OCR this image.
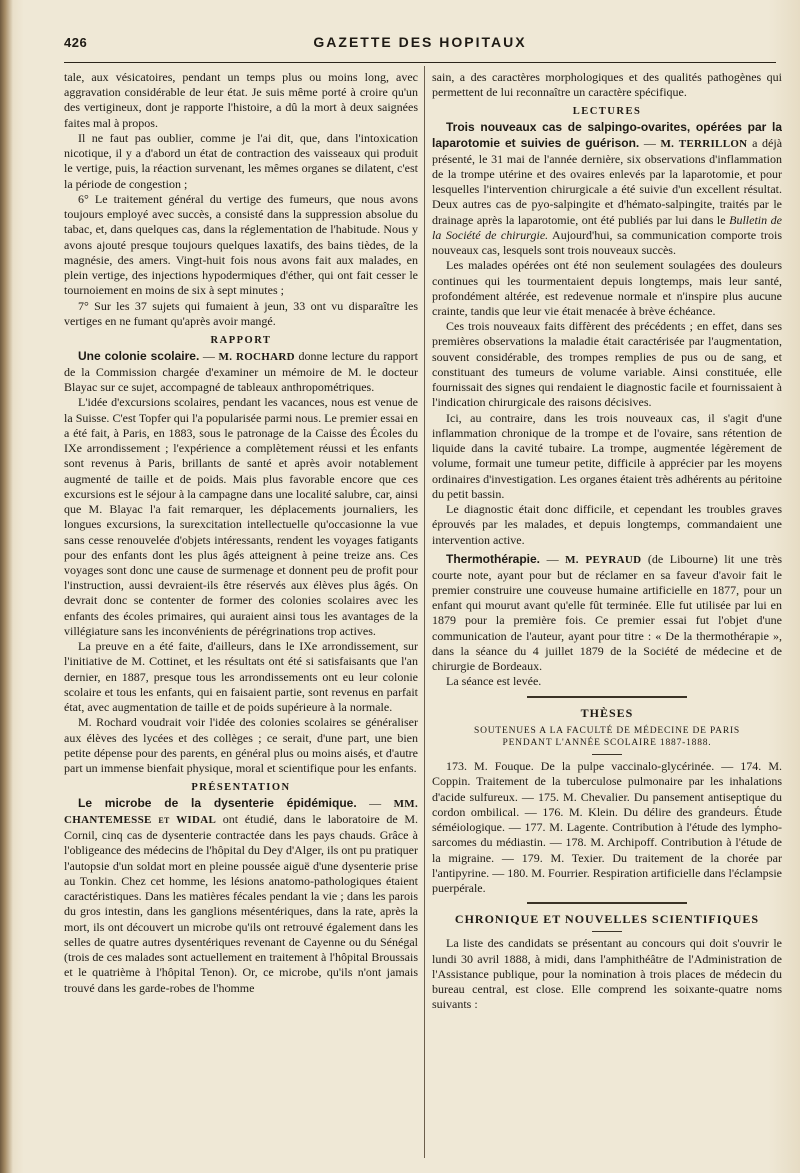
426	GAZETTE DES HOPITAUX

tale, aux vésicatoires, pendant un temps plus ou moins long, avec aggravation considérable de leur état. Je suis même porté à croire qu'un des vertigineux, dont je rapporte l'histoire, a dû la mort à deux saignées faites mal à propos.

Il ne faut pas oublier, comme je l'ai dit, que, dans l'intoxication nicotique, il y a d'abord un état de contraction des vaisseaux qui produit le vertige, puis, la réaction survenant, les mêmes organes se dilatent, c'est la période de congestion ;

6° Le traitement général du vertige des fumeurs, que nous avons toujours employé avec succès, a consisté dans la suppression absolue du tabac, et, dans quelques cas, dans la réglementation de l'habitude. Nous y avons ajouté presque toujours quelques laxatifs, des bains tièdes, de la magnésie, des amers. Vingt-huit fois nous avons fait aux malades, en plein vertige, des injections hypodermiques d'éther, qui ont fait cesser le tournoiement en moins de six à sept minutes ;

7° Sur les 37 sujets qui fumaient à jeun, 33 ont vu disparaître les vertiges en ne fumant qu'après avoir mangé.

RAPPORT

Une colonie scolaire. — M. ROCHARD donne lecture du rapport de la Commission chargée d'examiner un mémoire de M. le docteur Blayac sur ce sujet, accompagné de tableaux anthropométriques.

L'idée d'excursions scolaires, pendant les vacances, nous est venue de la Suisse. C'est Topfer qui l'a popularisée parmi nous. Le premier essai en a été fait, à Paris, en 1883, sous le patronage de la Caisse des Écoles du IXe arrondissement ; l'expérience a complètement réussi et les enfants sont revenus à Paris, brillants de santé et après avoir notablement augmenté de taille et de poids. Mais plus favorable encore que ces excursions est le séjour à la campagne dans une localité salubre, car, ainsi que M. Blayac l'a fait remarquer, les déplacements journaliers, les longues excursions, la surexcitation intellectuelle qu'occasionne la vue sans cesse renouvelée d'objets intéressants, rendent les voyages fatigants pour des enfants dont les plus âgés atteignent à peine treize ans. Ces voyages sont donc une cause de surmenage et donnent peu de profit pour l'instruction, aussi devraient-ils être réservés aux élèves plus âgés. On devrait donc se contenter de former des colonies scolaires avec les enfants des écoles primaires, qui auraient ainsi tous les avantages de la villégiature sans les inconvénients de pérégrinations trop actives.

La preuve en a été faite, d'ailleurs, dans le IXe arrondissement, sur l'initiative de M. Cottinet, et les résultats ont été si satisfaisants que l'an dernier, en 1887, presque tous les arrondissements ont eu leur colonie scolaire et tous les enfants, qui en faisaient partie, sont revenus en parfait état, avec augmentation de taille et de poids supérieure à la normale.

M. Rochard voudrait voir l'idée des colonies scolaires se généraliser aux élèves des lycées et des collèges ; ce serait, d'une part, une bien petite dépense pour des parents, en général plus ou moins aisés, et d'autre part un immense bienfait physique, moral et scientifique pour les enfants.

PRÉSENTATION

Le microbe de la dysenterie épidémique. — MM. CHANTEMESSE et WIDAL ont étudié, dans le laboratoire de M. Cornil, cinq cas de dysenterie contractée dans les pays chauds. Grâce à l'obligeance des médecins de l'hôpital du Dey d'Alger, ils ont pu pratiquer l'autopsie d'un soldat mort en pleine poussée aiguë d'une dysenterie prise au Tonkin. Chez cet homme, les lésions anatomo-pathologiques étaient caractéristiques. Dans les matières fécales pendant la vie ; dans les parois du gros intestin, dans les ganglions mésentériques, dans la rate, après la mort, ils ont découvert un microbe qu'ils ont retrouvé également dans les selles de quatre autres dysentériques revenant de Cayenne ou du Sénégal (trois de ces malades sont actuellement en traitement à l'hôpital Broussais et le quatrième à l'hôpital Tenon). Or, ce microbe, qu'ils n'ont jamais trouvé dans les garde-robes de l'homme

sain, a des caractères morphologiques et des qualités pathogènes qui permettent de lui reconnaître un caractère spécifique.

LECTURES

Trois nouveaux cas de salpingo-ovarites, opérées par la laparotomie et suivies de guérison. — M. TERRILLON a déjà présenté, le 31 mai de l'année dernière, six observations d'inflammation de la trompe utérine et des ovaires enlevés par la laparotomie, et pour lesquelles l'intervention chirurgicale a été suivie d'un excellent résultat. Deux autres cas de pyo-salpingite et d'hémato-salpingite, traités par le drainage après la laparotomie, ont été publiés par lui dans le Bulletin de la Société de chirurgie. Aujourd'hui, sa communication comporte trois nouveaux cas, lesquels sont trois nouveaux succès.

Les malades opérées ont été non seulement soulagées des douleurs continues qui les tourmentaient depuis longtemps, mais leur santé, profondément altérée, est redevenue normale et n'inspire plus aucune crainte, tandis que leur vie était menacée à brève échéance.

Ces trois nouveaux faits diffèrent des précédents ; en effet, dans ses premières observations la maladie était caractérisée par l'augmentation, souvent considérable, des trompes remplies de pus ou de sang, et constituant des tumeurs de volume variable. Ainsi constituée, elle fournissait des signes qui rendaient le diagnostic facile et fournissaient à l'indication chirurgicale des raisons décisives.

Ici, au contraire, dans les trois nouveaux cas, il s'agit d'une inflammation chronique de la trompe et de l'ovaire, sans rétention de liquide dans la cavité tubaire. La trompe, augmentée légèrement de volume, formait une tumeur petite, difficile à apprécier par les moyens ordinaires d'investigation. Les organes étaient très adhérents au péritoine du petit bassin.

Le diagnostic était donc difficile, et cependant les troubles graves éprouvés par les malades, et depuis longtemps, commandaient une intervention active.

Thermothérapie. — M. PEYRAUD (de Libourne) lit une très courte note, ayant pour but de réclamer en sa faveur d'avoir fait le premier construire une couveuse humaine artificielle en 1877, pour un enfant qui mourut avant qu'elle fût terminée. Elle fut utilisée par lui en 1879 pour la première fois. Ce premier essai fut l'objet d'une communication de l'auteur, ayant pour titre : « De la thermothérapie », dans la séance du 4 juillet 1879 de la Société de médecine et de chirurgie de Bordeaux.

La séance est levée.

THÈSES

SOUTENUES A LA FACULTÉ DE MÉDECINE DE PARIS

PENDANT L'ANNÉE SCOLAIRE 1887-1888.

173. M. Fouque. De la pulpe vaccinalo-glycérinée. — 174. M. Coppin. Traitement de la tuberculose pulmonaire par les inhalations d'acide sulfureux. — 175. M. Chevalier. Du pansement antiseptique du cordon ombilical. — 176. M. Klein. Du délire des grandeurs. Étude séméiologique. — 177. M. Lagente. Contribution à l'étude des lympho-sarcomes du médiastin. — 178. M. Archipoff. Contribution à l'étude de la migraine. — 179. M. Texier. Du traitement de la chorée par l'antipyrine. — 180. M. Fourrier. Respiration artificielle dans l'éclampsie puerpérale.

CHRONIQUE ET NOUVELLES SCIENTIFIQUES

La liste des candidats se présentant au concours qui doit s'ouvrir le lundi 30 avril 1888, à midi, dans l'amphithéâtre de l'Administration de l'Assistance publique, pour la nomination à trois places de médecin du bureau central, est close. Elle comprend les soixante-quatre noms suivants :
